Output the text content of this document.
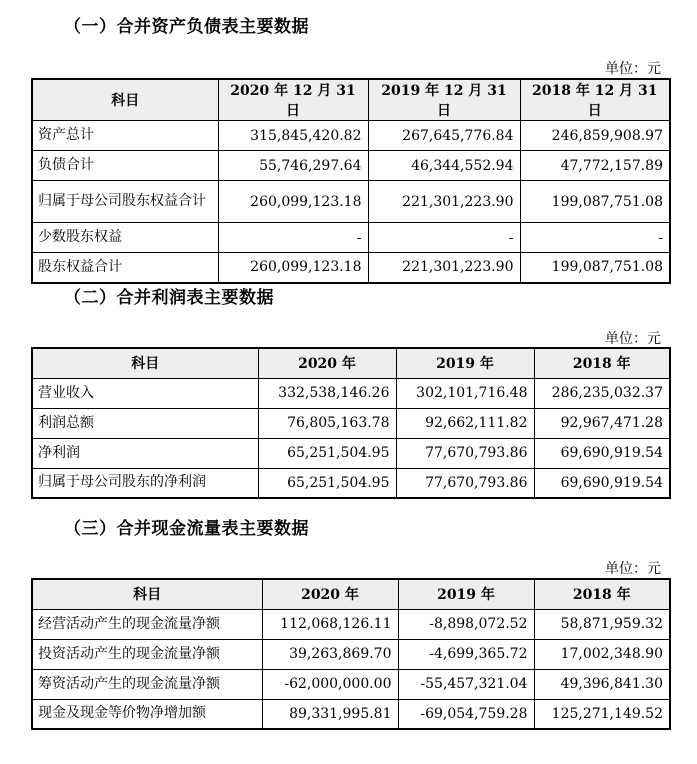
（一）合并资产负债表主要数据
单位：元
科目	2020 年 12 月 31 日	2019 年 12 月 31 日	2018 年 12 月 31 日
资产总计	315,845,420.82	267,645,776.84	246,859,908.97
负债合计	55,746,297.64	46,344,552.94	47,772,157.89
归属于母公司股东权益合计	260,099,123.18	221,301,223.90	199,087,751.08
少数股东权益	-	-	-
股东权益合计	260,099,123.18	221,301,223.90	199,087,751.08
（二）合并利润表主要数据
单位：元
科目	2020 年	2019 年	2018 年
营业收入	332,538,146.26	302,101,716.48	286,235,032.37
利润总额	76,805,163.78	92,662,111.82	92,967,471.28
净利润	65,251,504.95	77,670,793.86	69,690,919.54
归属于母公司股东的净利润	65,251,504.95	77,670,793.86	69,690,919.54
（三）合并现金流量表主要数据
单位：元
科目	2020 年	2019 年	2018 年
经营活动产生的现金流量净额	112,068,126.11	-8,898,072.52	58,871,959.32
投资活动产生的现金流量净额	39,263,869.70	-4,699,365.72	17,002,348.90
筹资活动产生的现金流量净额	-62,000,000.00	-55,457,321.04	49,396,841.30
现金及现金等价物净增加额	89,331,995.81	-69,054,759.28	125,271,149.52
